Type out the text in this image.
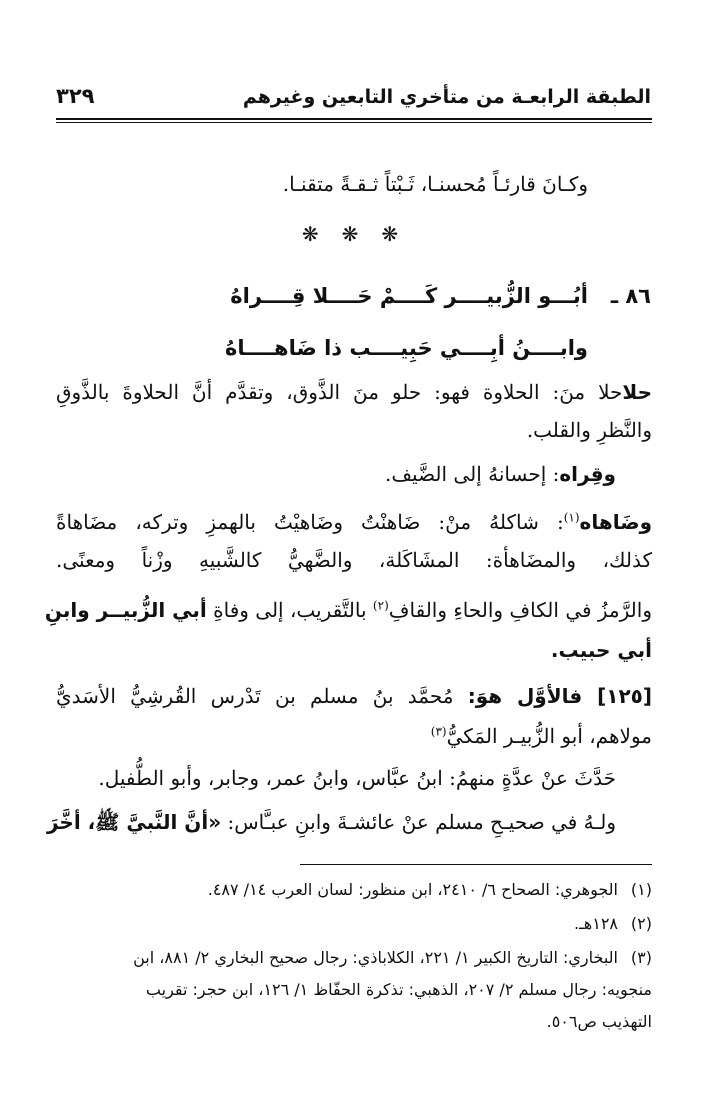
الطبقة الرابعـة من متأخري التابعين وغيرهم
٣٢٩
وكـانَ قارئـاً مُحسنـا، ثَـبْتاً ثـقـةً متقنـا.
❋ ❋ ❋
٨٦ ـ
أبُـــو الزُّبيــــر كَــــمْ حَــــلا قِــــراهُ
وابــــنُ أبِــــي حَبِيــــب ذا ضَاهــــاهُ
حلاحلا منَ: الحلاوة فهو: حلو منَ الذَّوق، وتقدَّم أنَّ الحلاوةَ بالذَّوقِ
والنَّظرِ والقلب.
وقِراه: إحسانهُ إلى الضَّيف.
وضَاهاه$^{(١)}$: شاكلهُ منْ: ضَاهنْتُ وضَاهيْتُ بالهمزِ وتركه، مضَاهاةً
كذلك، والمضَاهأة: المشَاكَلة، والضَّهيُّ كالشَّبيهِ وزْناً ومعنًى.
والرَّمزُ في الكافِ والحاءِ والقافِ$^{(٢)}$ بالتَّقريب، إلى وفاةِ أبي الزُّبيــر وابنِ
أبي حبيب.
[١٢٥] فالأوَّل هوَ: مُحمَّد بنُ مسلم بن تَدْرس القُرشِيُّ الأسَديُّ
مولاهم، أبو الزُّبيـر المَكيُّ$^{(٣)}$
حَدَّثَ عنْ عدَّةٍ منهمُ: ابنُ عبَّاس، وابنُ عمر، وجابر، وأبو الطُّفيل.
ولـهُ في صحيـحِ مسلم عنْ عائشـةَ وابنِ عبـَّاس: «أنَّ النَّبيَّ ﷺ، أخَّرَ
(١)الجوهري: الصحاح ٦/ ٢٤١٠، ابن منظور: لسان العرب ١٤/ ٤٨٧.
(٢)١٢٨هـ.
(٣)البخاري: التاريخ الكبير ١/ ٢٢١، الكلاباذي: رجال صحيح البخاري ٢/ ٨٨١، ابن
منجويه: رجال مسلم ٢/ ٢٠٧، الذهبي: تذكرة الحفّاظ ١/ ١٢٦، ابن حجر: تقريب
التهذيب ص٥٠٦.
